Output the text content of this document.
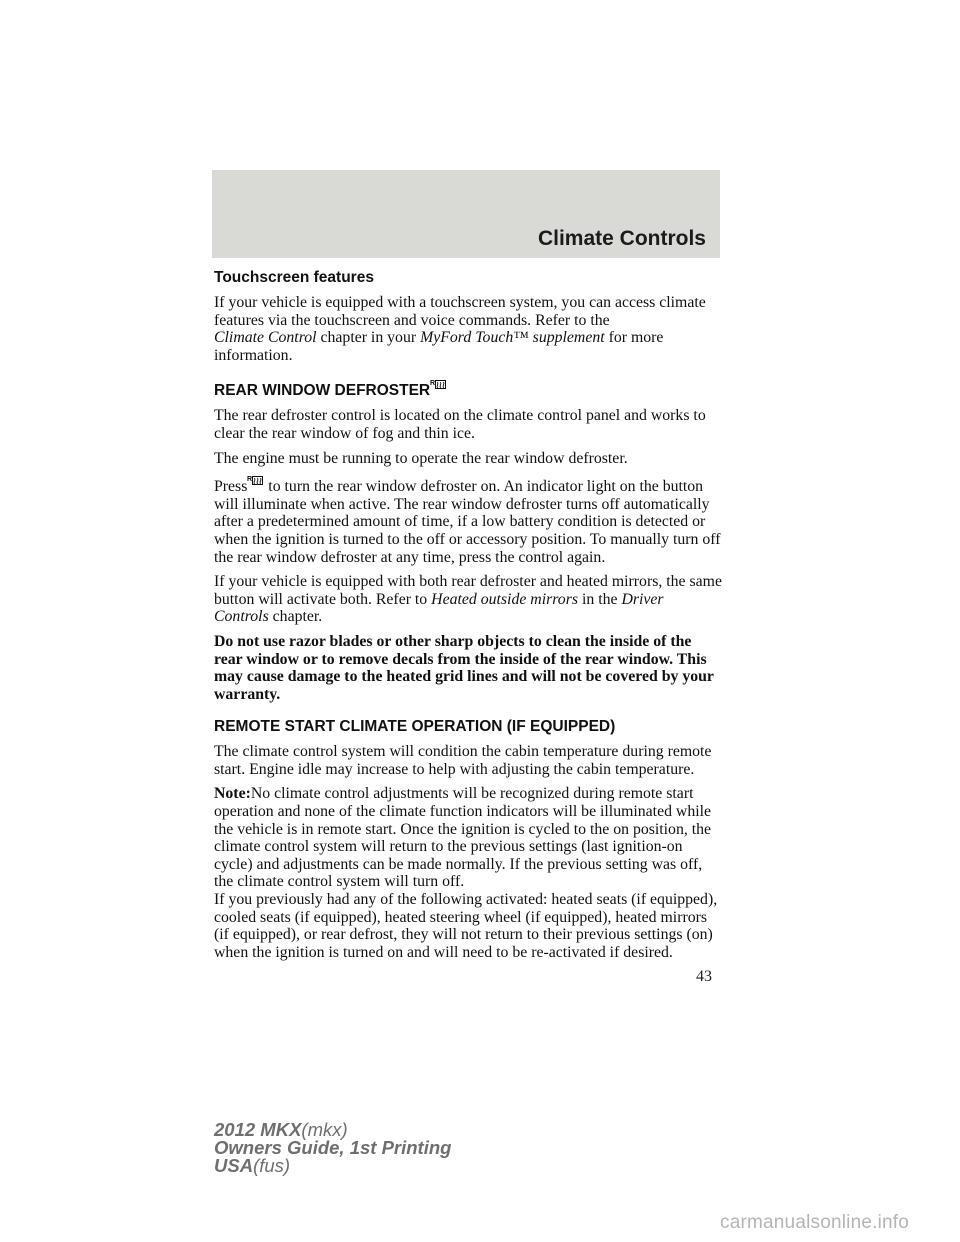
Climate Controls

Touchscreen features

If your vehicle is equipped with a touchscreen system, you can access climate features via the touchscreen and voice commands. Refer to the
Climate Control chapter in your MyFord Touch™ supplement for more information.

REAR WINDOW DEFROSTER R

The rear defroster control is located on the climate control panel and works to clear the rear window of fog and thin ice.

The engine must be running to operate the rear window defroster.

Press R to turn the rear window defroster on. An indicator light on the button will illuminate when active. The rear window defroster turns off automatically after a predetermined amount of time, if a low battery condition is detected or when the ignition is turned to the off or accessory position. To manually turn off the rear window defroster at any time, press the control again.

If your vehicle is equipped with both rear defroster and heated mirrors, the same button will activate both. Refer to Heated outside mirrors in the Driver Controls chapter.

Do not use razor blades or other sharp objects to clean the inside of the rear window or to remove decals from the inside of the rear window. This may cause damage to the heated grid lines and will not be covered by your warranty.

REMOTE START CLIMATE OPERATION (IF EQUIPPED)

The climate control system will condition the cabin temperature during remote start. Engine idle may increase to help with adjusting the cabin temperature.

Note:No climate control adjustments will be recognized during remote start operation and none of the climate function indicators will be illuminated while the vehicle is in remote start. Once the ignition is cycled to the on position, the climate control system will return to the previous settings (last ignition-on cycle) and adjustments can be made normally. If the previous setting was off, the climate control system will turn off.

If you previously had any of the following activated: heated seats (if equipped), cooled seats (if equipped), heated steering wheel (if equipped), heated mirrors (if equipped), or rear defrost, they will not return to their previous settings (on) when the ignition is turned on and will need to be re-activated if desired.

43
2012 MKX(mkx)
Owners Guide, 1st Printing
USA(fus)
carmanualsonline.info
